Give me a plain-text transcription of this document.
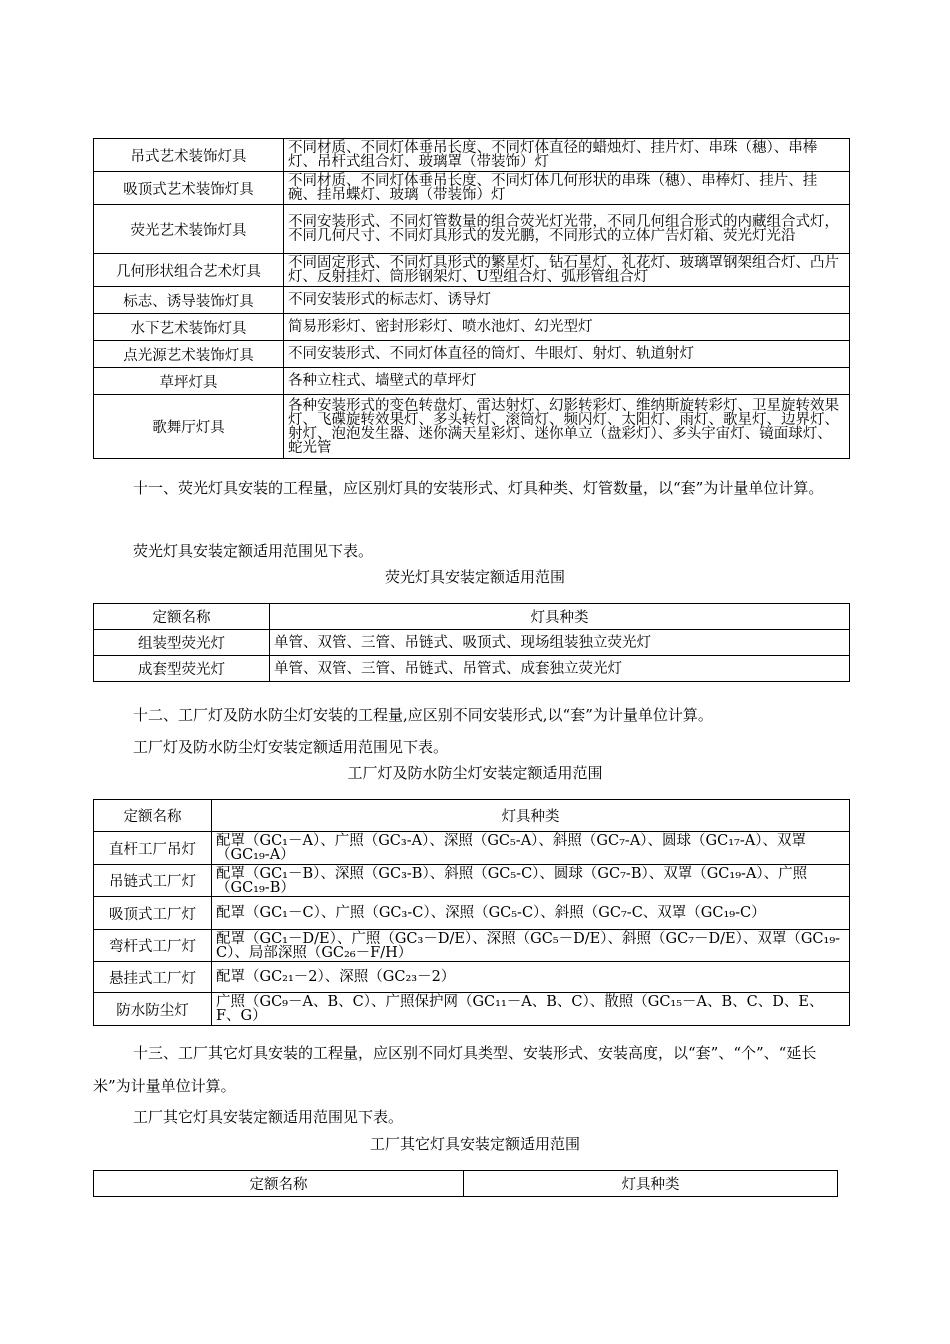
吊式艺术装饰灯具	不同材质、不同灯体垂吊长度、不同灯体直径的蜡烛灯、挂片灯、串珠（穗）、串棒灯、吊杆式组合灯、玻璃罩（带装饰）灯
吸顶式艺术装饰灯具	不同材质、不同灯体垂吊长度、不同灯体几何形状的串珠（穗）、串棒灯、挂片、挂碗、挂吊蝶灯、玻璃（带装饰）灯
荧光艺术装饰灯具	不同安装形式、不同灯管数量的组合荧光灯光带，不同几何组合形式的内藏组合式灯，不同几何尺寸、不同灯具形式的发光鹏，不同形式的立体广告灯箱、荧光灯光沿
几何形状组合艺术灯具	不同固定形式、不同灯具形式的繁星灯、钻石星灯、礼花灯、玻璃罩钢架组合灯、凸片灯、反射挂灯、筒形钢架灯、U型组合灯、弧形管组合灯
标志、诱导装饰灯具	不同安装形式的标志灯、诱导灯
水下艺术装饰灯具	简易形彩灯、密封形彩灯、喷水池灯、幻光型灯
点光源艺术装饰灯具	不同安装形式、不同灯体直径的筒灯、牛眼灯、射灯、轨道射灯
草坪灯具	各种立柱式、墙壁式的草坪灯
歌舞厅灯具	各种安装形式的变色转盘灯、雷达射灯、幻影转彩灯、维纳斯旋转彩灯、卫星旋转效果灯、飞碟旋转效果灯、多头转灯、滚筒灯、频闪灯、太阳灯、雨灯、歌星灯、边界灯、射灯、泡泡发生器、迷你满天星彩灯、迷你单立（盘彩灯）、多头宇宙灯、镜面球灯、蛇光管

十一、荧光灯具安装的工程量，应区别灯具的安装形式、灯具种类、灯管数量，以“套”为计量单位计算。

荧光灯具安装定额适用范围见下表。

荧光灯具安装定额适用范围

定额名称	灯具种类
组装型荧光灯	单管、双管、三管、吊链式、吸顶式、现场组装独立荧光灯
成套型荧光灯	单管、双管、三管、吊链式、吊管式、成套独立荧光灯

十二、工厂灯及防水防尘灯安装的工程量,应区别不同安装形式,以“套”为计量单位计算。

工厂灯及防水防尘灯安装定额适用范围见下表。

工厂灯及防水防尘灯安装定额适用范围

定额名称	灯具种类
直杆工厂吊灯	配罩（GC₁－A）、广照（GC₃-A）、深照（GC₅-A）、斜照（GC₇-A）、圆球（GC₁₇-A）、双罩（GC₁₉-A）
吊链式工厂灯	配罩（GC₁－B）、深照（GC₃-B）、斜照（GC₅-C）、圆球（GC₇-B）、双罩（GC₁₉-A）、广照（GC₁₉-B）
吸顶式工厂灯	配罩（GC₁－C）、广照（GC₃-C）、深照（GC₅-C）、斜照（GC₇-C、双罩（GC₁₉-C）
弯杆式工厂灯	配罩（GC₁－D/E）、广照（GC₃－D/E）、深照（GC₅－D/E）、斜照（GC₇－D/E）、双罩（GC₁₉-C）、局部深照（GC₂₆－F/H）
悬挂式工厂灯	配罩（GC₂₁－2）、深照（GC₂₃－2）
防水防尘灯	广照（GC₉－A、B、C）、广照保护网（GC₁₁－A、B、C）、散照（GC₁₅－A、B、C、D、E、F、G）

十三、工厂其它灯具安装的工程量，应区别不同灯具类型、安装形式、安装高度，以“套”、“个”、“延长米”为计量单位计算。

工厂其它灯具安装定额适用范围见下表。

工厂其它灯具安装定额适用范围

定额名称	灯具种类
